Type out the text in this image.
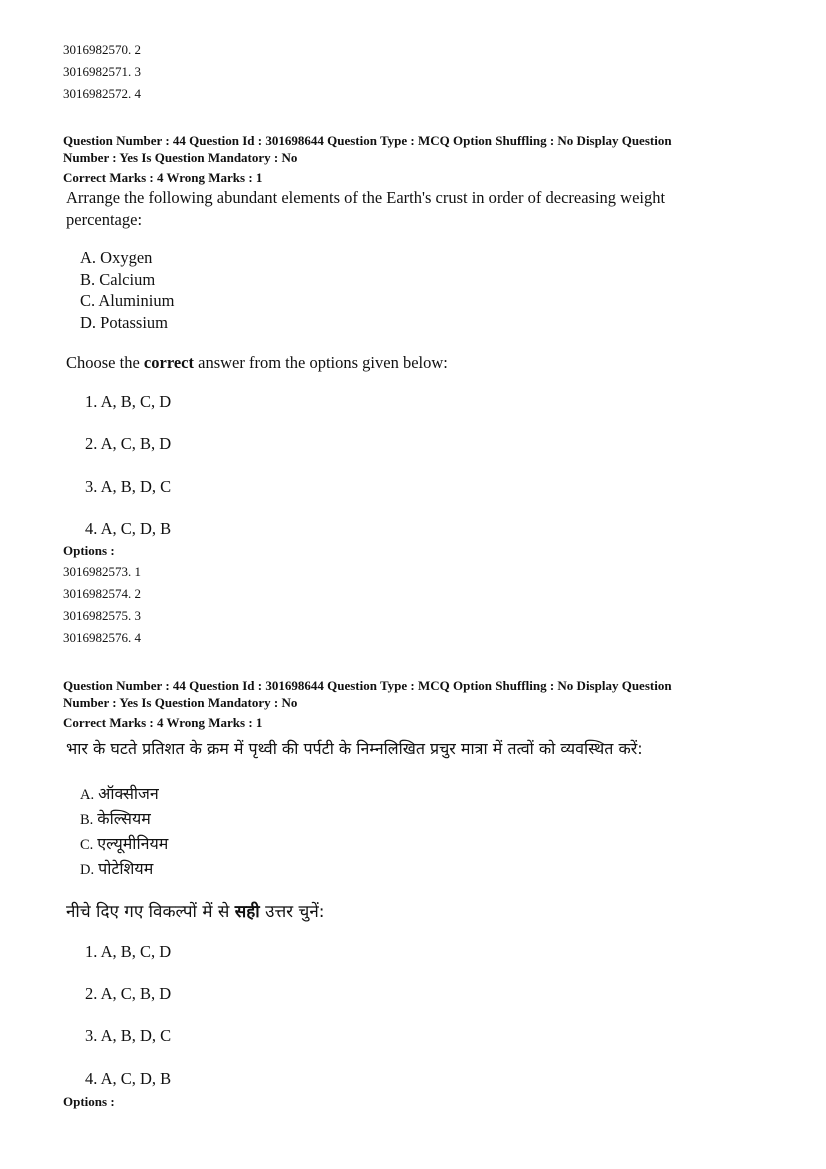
3016982570. 2
3016982571. 3
3016982572. 4
Question Number : 44 Question Id : 301698644 Question Type : MCQ Option Shuffling : No Display Question
Number : Yes Is Question Mandatory : No
Correct Marks : 4 Wrong Marks : 1
Arrange the following abundant elements of the Earth's crust in order of decreasing weight
percentage:
A. Oxygen
B. Calcium
C. Aluminium
D. Potassium
Choose the correct answer from the options given below:
1. A, B, C, D
2. A, C, B, D
3. A, B, D, C
4. A, C, D, B
Options :
3016982573. 1
3016982574. 2
3016982575. 3
3016982576. 4
Question Number : 44 Question Id : 301698644 Question Type : MCQ Option Shuffling : No Display Question
Number : Yes Is Question Mandatory : No
Correct Marks : 4 Wrong Marks : 1
भार के घटते प्रतिशत के क्रम में पृथ्वी की पर्पटी के निम्नलिखित प्रचुर मात्रा में तत्वों को व्यवस्थित करें:
A. ऑक्सीजन
B. केल्सियम
C. एल्यूमीनियम
D. पोटेशियम
नीचे दिए गए विकल्पों में से सही उत्तर चुनें:
1. A, B, C, D
2. A, C, B, D
3. A, B, D, C
4. A, C, D, B
Options :
